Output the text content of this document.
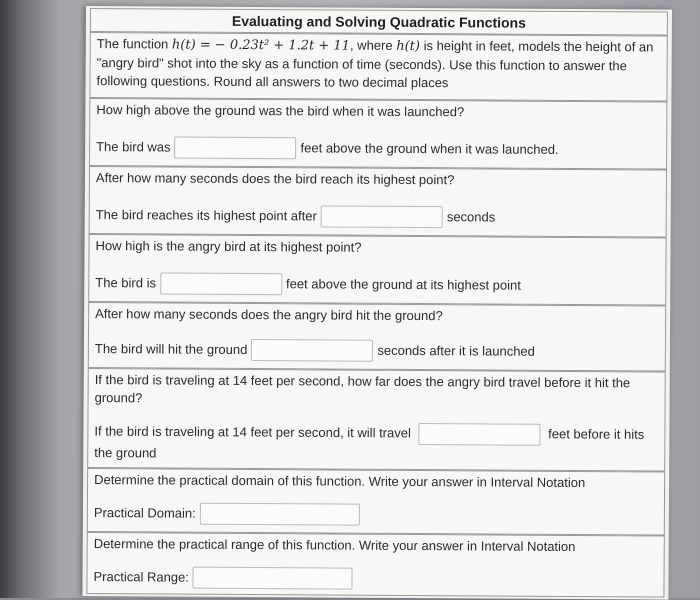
Evaluating and Solving Quadratic Functions
The function h(t) = − 0.23t² + 1.2t + 11, where h(t) is height in feet, models the height of an "angry bird" shot into the sky as a function of time (seconds). Use this function to answer the following questions. Round all answers to two decimal places
How high above the ground was the bird when it was launched?
The bird was	feet above the ground when it was launched.
After how many seconds does the bird reach its highest point?
The bird reaches its highest point after	seconds
How high is the angry bird at its highest point?
The bird is	feet above the ground at its highest point
After how many seconds does the angry bird hit the ground?
The bird will hit the ground	seconds after it is launched
If the bird is traveling at 14 feet per second, how far does the angry bird travel before it hit the ground?
If the bird is traveling at 14 feet per second, it will travel	feet before it hits the ground
Determine the practical domain of this function. Write your answer in Interval Notation
Practical Domain:
Determine the practical range of this function. Write your answer in Interval Notation
Practical Range:
